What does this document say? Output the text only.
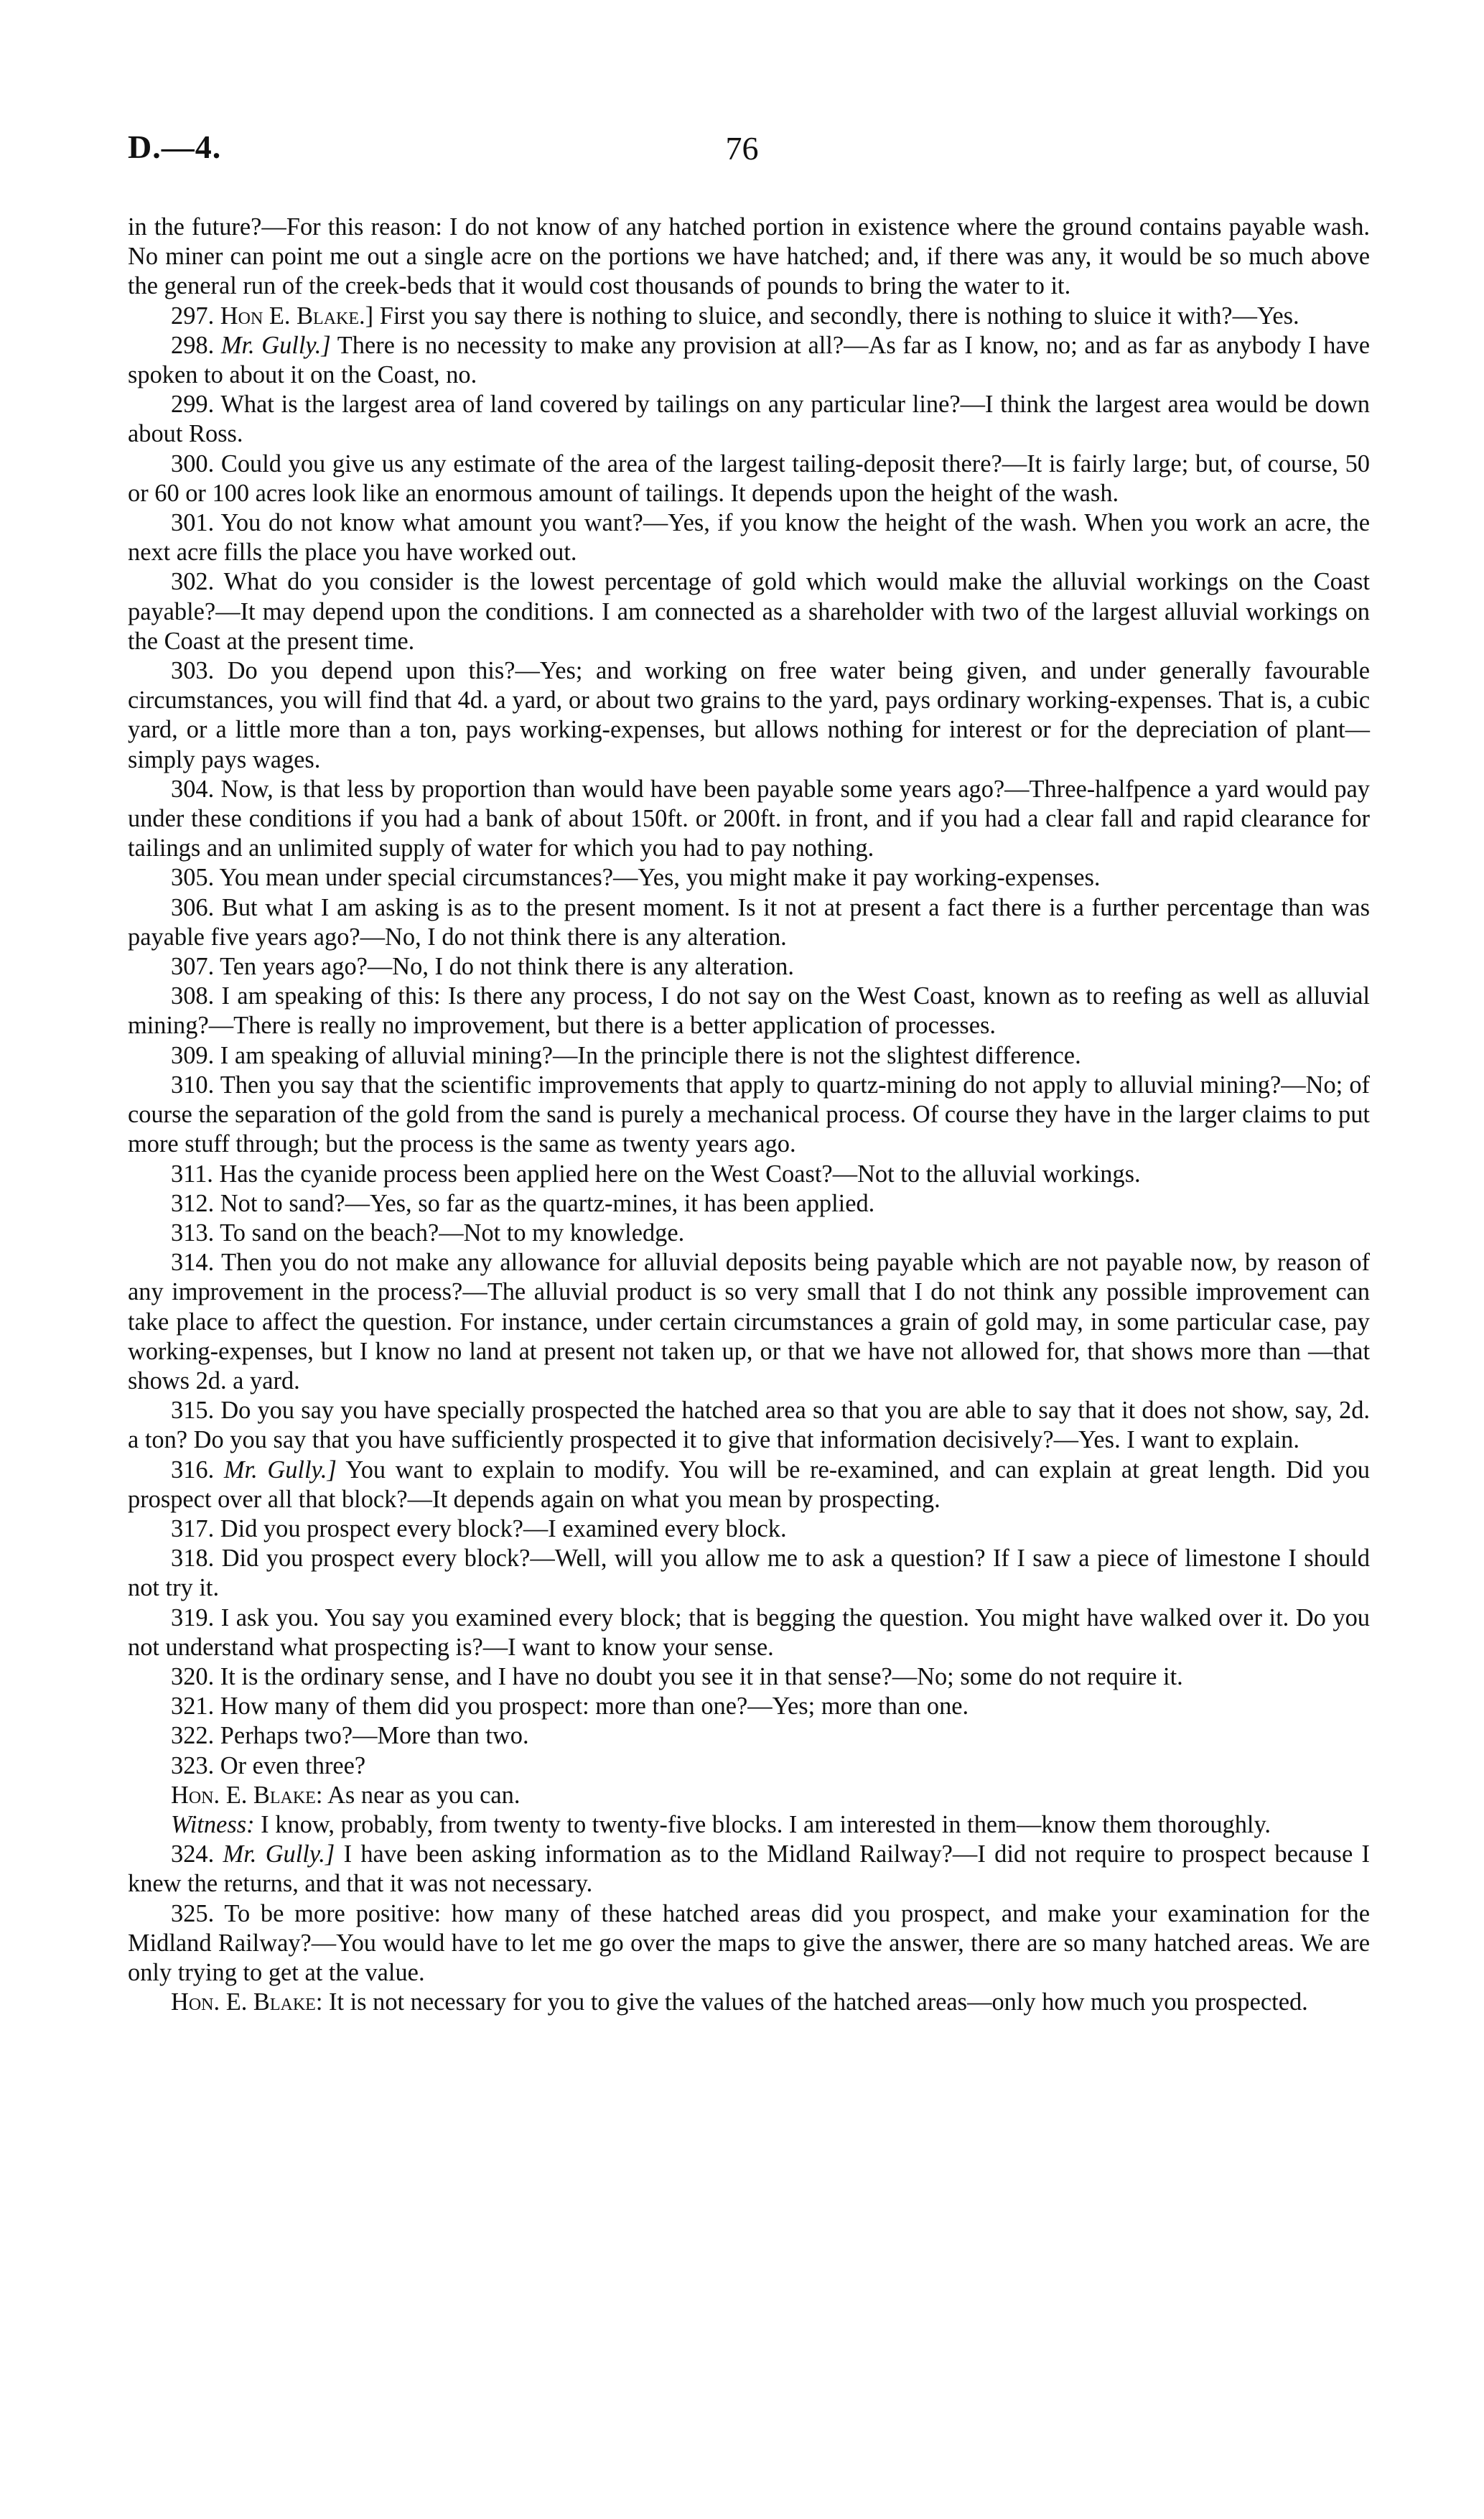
D.—4.	76

in the future?—For this reason: I do not know of any hatched portion in existence where the ground contains payable wash. No miner can point me out a single acre on the portions we have hatched; and, if there was any, it would be so much above the general run of the creek-beds that it would cost thousands of pounds to bring the water to it.

297. Hon E. Blake.] First you say there is nothing to sluice, and secondly, there is nothing to sluice it with?—Yes.

298. Mr. Gully.] There is no necessity to make any provision at all?—As far as I know, no; and as far as anybody I have spoken to about it on the Coast, no.

299. What is the largest area of land covered by tailings on any particular line?—I think the largest area would be down about Ross.

300. Could you give us any estimate of the area of the largest tailing-deposit there?—It is fairly large; but, of course, 50 or 60 or 100 acres look like an enormous amount of tailings. It depends upon the height of the wash.

301. You do not know what amount you want?—Yes, if you know the height of the wash. When you work an acre, the next acre fills the place you have worked out.

302. What do you consider is the lowest percentage of gold which would make the alluvial workings on the Coast payable?—It may depend upon the conditions. I am connected as a shareholder with two of the largest alluvial workings on the Coast at the present time.

303. Do you depend upon this?—Yes; and working on free water being given, and under generally favourable circumstances, you will find that 4d. a yard, or about two grains to the yard, pays ordinary working-expenses. That is, a cubic yard, or a little more than a ton, pays working-expenses, but allows nothing for interest or for the depreciation of plant—simply pays wages.

304. Now, is that less by proportion than would have been payable some years ago?—Three-halfpence a yard would pay under these conditions if you had a bank of about 150ft. or 200ft. in front, and if you had a clear fall and rapid clearance for tailings and an unlimited supply of water for which you had to pay nothing.

305. You mean under special circumstances?—Yes, you might make it pay working-expenses.

306. But what I am asking is as to the present moment. Is it not at present a fact there is a further percentage than was payable five years ago?—No, I do not think there is any alteration.

307. Ten years ago?—No, I do not think there is any alteration.

308. I am speaking of this: Is there any process, I do not say on the West Coast, known as to reefing as well as alluvial mining?—There is really no improvement, but there is a better application of processes.

309. I am speaking of alluvial mining?—In the principle there is not the slightest difference.

310. Then you say that the scientific improvements that apply to quartz-mining do not apply to alluvial mining?—No; of course the separation of the gold from the sand is purely a mechanical process. Of course they have in the larger claims to put more stuff through; but the process is the same as twenty years ago.

311. Has the cyanide process been applied here on the West Coast?—Not to the alluvial workings.

312. Not to sand?—Yes, so far as the quartz-mines, it has been applied.

313. To sand on the beach?—Not to my knowledge.

314. Then you do not make any allowance for alluvial deposits being payable which are not payable now, by reason of any improvement in the process?—The alluvial product is so very small that I do not think any possible improvement can take place to affect the question. For instance, under certain circumstances a grain of gold may, in some particular case, pay working-expenses, but I know no land at present not taken up, or that we have not allowed for, that shows more than —that shows 2d. a yard.

315. Do you say you have specially prospected the hatched area so that you are able to say that it does not show, say, 2d. a ton? Do you say that you have sufficiently prospected it to give that information decisively?—Yes. I want to explain.

316. Mr. Gully.] You want to explain to modify. You will be re-examined, and can explain at great length. Did you prospect over all that block?—It depends again on what you mean by prospecting.

317. Did you prospect every block?—I examined every block.

318. Did you prospect every block?—Well, will you allow me to ask a question? If I saw a piece of limestone I should not try it.

319. I ask you. You say you examined every block; that is begging the question. You might have walked over it. Do you not understand what prospecting is?—I want to know your sense.

320. It is the ordinary sense, and I have no doubt you see it in that sense?—No; some do not require it.

321. How many of them did you prospect: more than one?—Yes; more than one.

322. Perhaps two?—More than two.

323. Or even three?

Hon. E. Blake: As near as you can.

Witness: I know, probably, from twenty to twenty-five blocks. I am interested in them—know them thoroughly.

324. Mr. Gully.] I have been asking information as to the Midland Railway?—I did not require to prospect because I knew the returns, and that it was not necessary.

325. To be more positive: how many of these hatched areas did you prospect, and make your examination for the Midland Railway?—You would have to let me go over the maps to give the answer, there are so many hatched areas. We are only trying to get at the value.

Hon. E. Blake: It is not necessary for you to give the values of the hatched areas—only how much you prospected.
